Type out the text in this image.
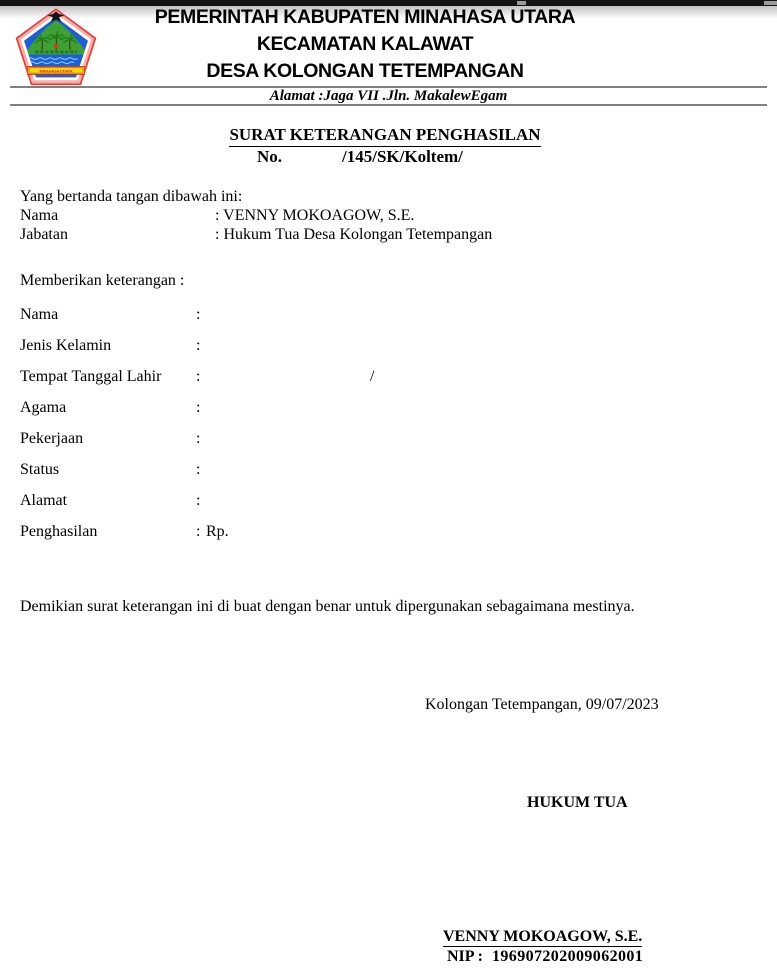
MINAHASA UTARA
PEMERINTAH KABUPATEN MINAHASA UTARA
KECAMATAN KALAWAT
DESA KOLONGAN TETEMPANGAN
Alamat :Jaga VII .Jln. MakalewEgam
SURAT KETERANGAN PENGHASILAN
No.	/145/SK/Koltem/
Yang bertanda tangan dibawah ini:
Nama	: VENNY MOKOAGOW, S.E.
Jabatan	: Hukum Tua Desa Kolongan Tetempangan
Memberikan keterangan :
Nama	:
Jenis Kelamin	:
Tempat Tanggal Lahir :	/
Agama	:
Pekerjaan	:
Status	:
Alamat	:
Penghasilan	: Rp.
Demikian surat keterangan ini di buat dengan benar untuk dipergunakan sebagaimana mestinya.
Kolongan Tetempangan, 09/07/2023
HUKUM TUA
VENNY MOKOAGOW, S.E.
NIP : 196907202009062001
